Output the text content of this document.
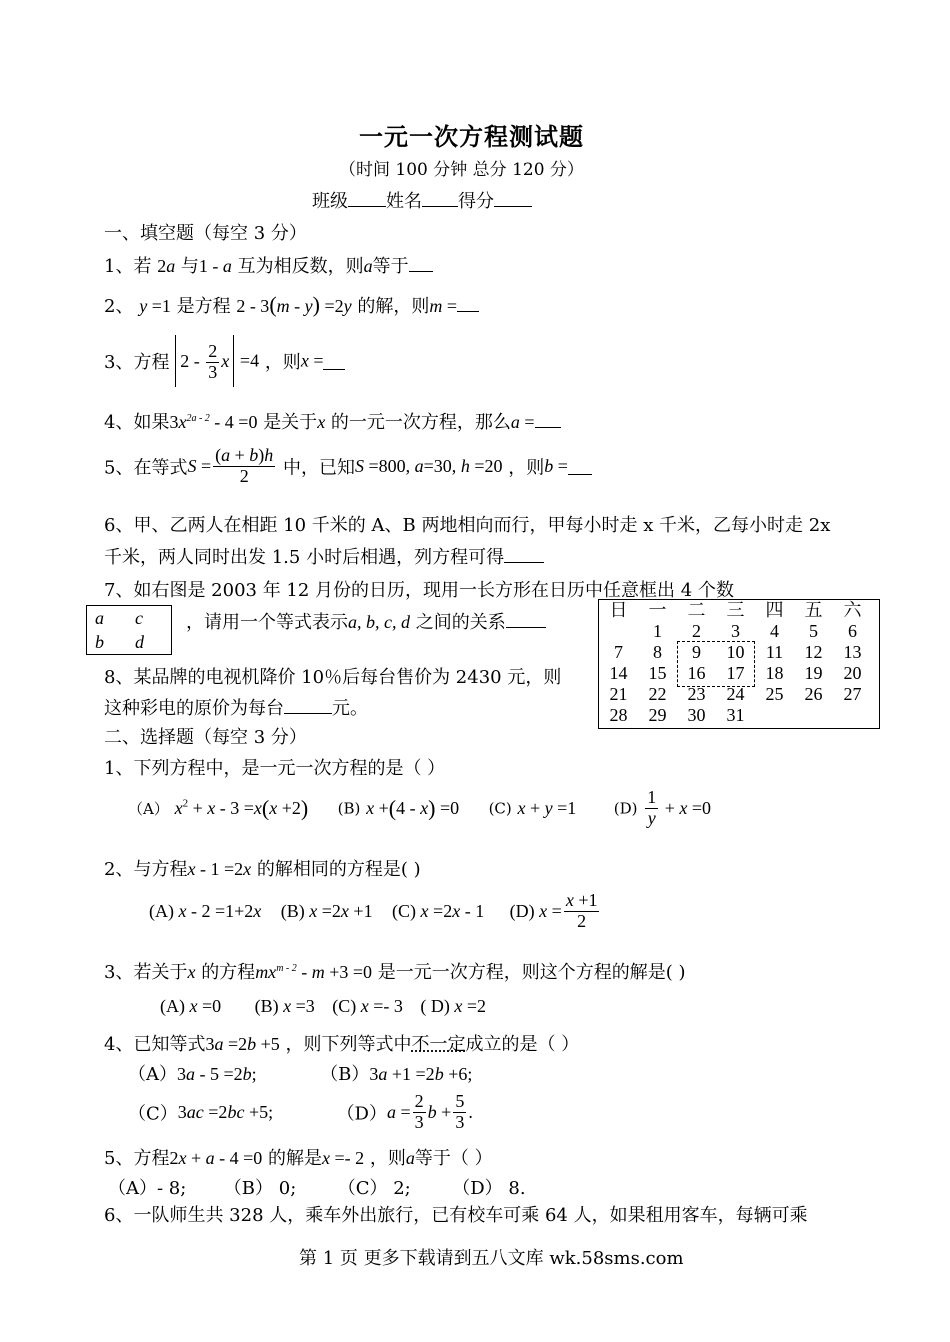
一元一次方程测试题
（时间 100 分钟 总分 120 分）
班级 姓名 得分
一、填空题（每空 3 分）
1、若 2a 与1 - a 互为相反数，则a等于
2、 y =1 是方程 2 - 3(m - y) =2y 的解，则m =
3、方程 $2 - \frac{2}{3}$ x =4 ，则x =
4、如果$3x^{2a - 2} - 4 =0$ 是关于x 的一元一次方程，那么a =
5、在等式$S = \frac{(a + b)h}{2}$ 中，已知S =800, a=30, h =20 ，则b =
6、甲、乙两人在相距 10 千米的 A、B 两地相向而行，甲每小时走 x 千米，乙每小时走 2x
千米，两人同时出发 1.5 小时后相遇，列方程可得
7、如右图是 2003 年 12 月份的日历，现用一长方形在日历中任意框出 4 个数
a c
b d
，请用一个等式表示a, b, c, d 之间的关系
日	一	二	三	四	五	六
	1	2	3	4	5	6
7	8	9	10	11	12	13
14	15	16	17	18	19	20
21	22	23	24	25	26	27
28	29	30	31			
8、某品牌的电视机降价 10％后每台售价为 2430 元，则
这种彩电的原价为每台	元。
二、选择题（每空 3 分）
1、下列方程中，是一元一次方程的是（ ）
（A） $x^2 + x - 3 =x(x +2)$ (B) x +(4 - x) =0 (C) x + y =1 $(D) \frac{1}{y} + x =0$
2、与方程x - 1 =2x 的解相同的方程是( )
(A) x - 2 =1+2x (B) x =2x +1 (C) x =2x - 1 (D) $x = \frac{x +1}{2}$
3、若关于x 的方程$mx^{m - 2} - m +3 =0$ 是一元一次方程，则这个方程的解是( )
(A) x =0 (B) x =3 (C) x =- 3 ( D) x =2
4、已知等式3a =2b +5 ，则下列等式中不一定成立的是（ ）
（A）3a - 5 =2b;	（B）3a +1 =2b +6;
（C）3ac =2bc +5;	$(D)a = \frac{2}{3}$ $b + \frac{5}{3}$ .
5、方程2x + a - 4 =0 的解是x =- 2 ，则a等于（ ）
（A）- 8; （B） 0; （C） 2; （D） 8.
6、一队师生共 328 人，乘车外出旅行，已有校车可乘 64 人，如果租用客车，每辆可乘
第 1 页 更多下载请到五八文库 wk.58sms.com
